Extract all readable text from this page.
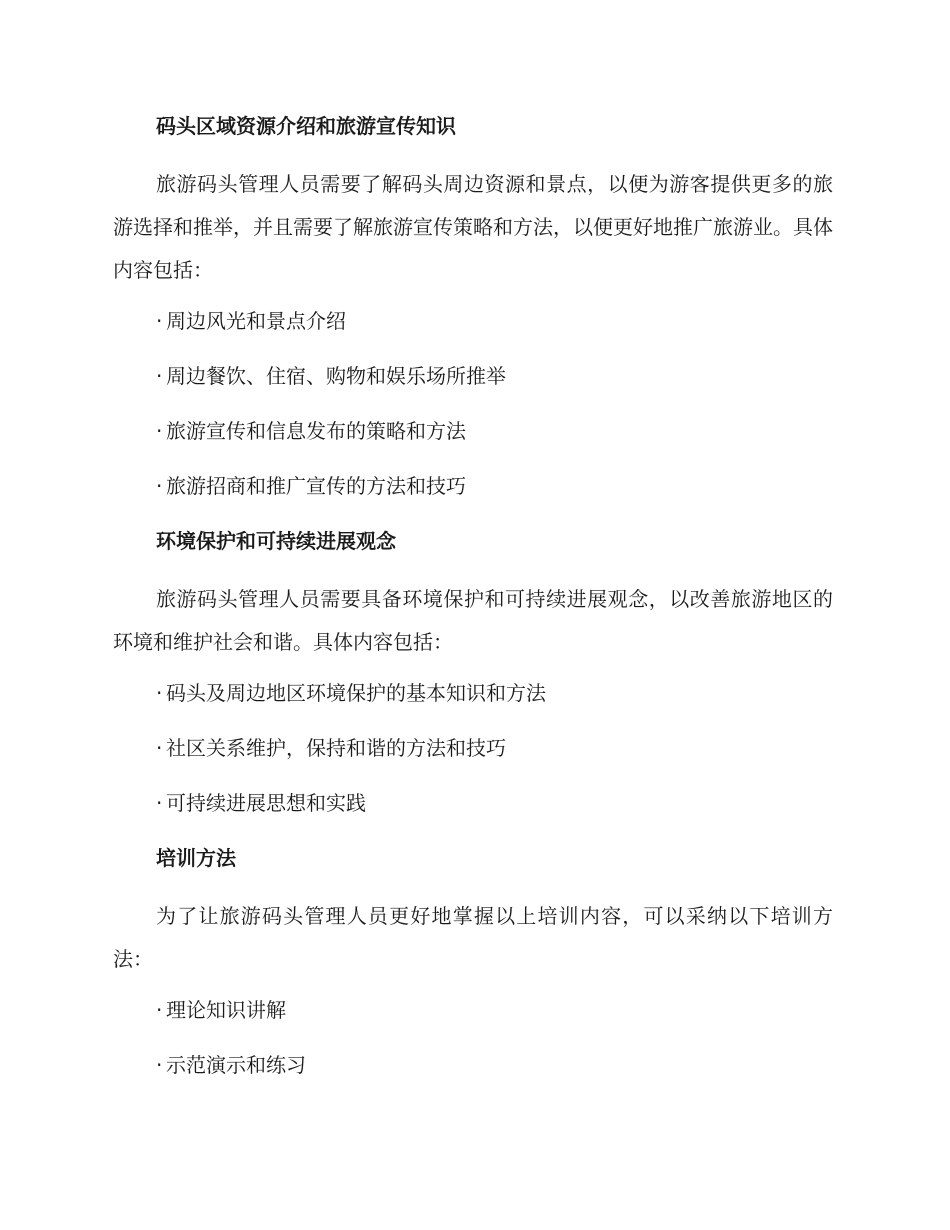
码头区域资源介绍和旅游宣传知识

旅游码头管理人员需要了解码头周边资源和景点，以便为游客提供更多的旅游选择和推举，并且需要了解旅游宣传策略和方法，以便更好地推广旅游业。具体内容包括：

· 周边风光和景点介绍
· 周边餐饮、住宿、购物和娱乐场所推举
· 旅游宣传和信息发布的策略和方法
· 旅游招商和推广宣传的方法和技巧
环境保护和可持续进展观念

旅游码头管理人员需要具备环境保护和可持续进展观念，以改善旅游地区的环境和维护社会和谐。具体内容包括：

· 码头及周边地区环境保护的基本知识和方法
· 社区关系维护，保持和谐的方法和技巧
· 可持续进展思想和实践
培训方法

为了让旅游码头管理人员更好地掌握以上培训内容，可以采纳以下培训方法：

· 理论知识讲解
· 示范演示和练习
